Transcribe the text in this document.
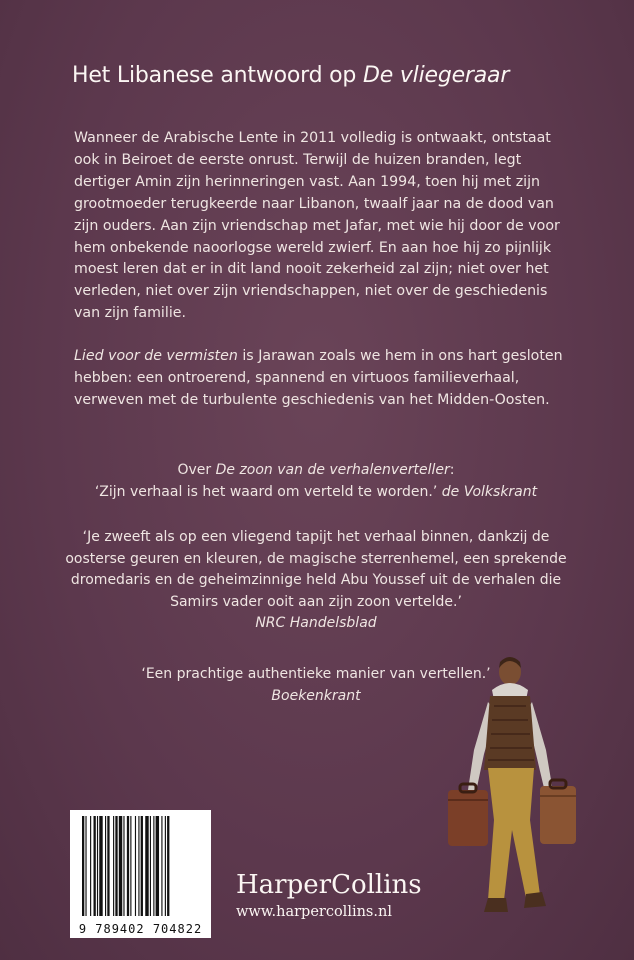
Het Libanese antwoord op De vliegeraar

Wanneer de Arabische Lente in 2011 volledig is ontwaakt, ontstaat ook in Beiroet de eerste onrust. Terwijl de huizen branden, legt dertiger Amin zijn herinneringen vast. Aan 1994, toen hij met zijn grootmoeder terugkeerde naar Libanon, twaalf jaar na de dood van zijn ouders. Aan zijn vriendschap met Jafar, met wie hij door de voor hem onbekende naoorlogse wereld zwierf. En aan hoe hij zo pijnlijk moest leren dat er in dit land nooit zekerheid zal zijn; niet over het verleden, niet over zijn vriendschappen, niet over de geschiedenis van zijn familie.

Lied voor de vermisten is Jarawan zoals we hem in ons hart gesloten hebben: een ontroerend, spannend en virtuoos familieverhaal, verweven met de turbulente geschiedenis van het Midden-Oosten.

Over De zoon van de verhalenverteller:
‘Zijn verhaal is het waard om verteld te worden.’ de Volkskrant

‘Je zweeft als op een vliegend tapijt het verhaal binnen, dankzij de oosterse geuren en kleuren, de magische sterrenhemel, een sprekende dromedaris en de geheimzinnige held Abu Youssef uit de verhalen die Samirs vader ooit aan zijn zoon vertelde.’
NRC Handelsblad

‘Een prachtige authentieke manier van vertellen.’
Boekenkrant

9 789402 704822
HarperCollins
www.harpercollins.nl
